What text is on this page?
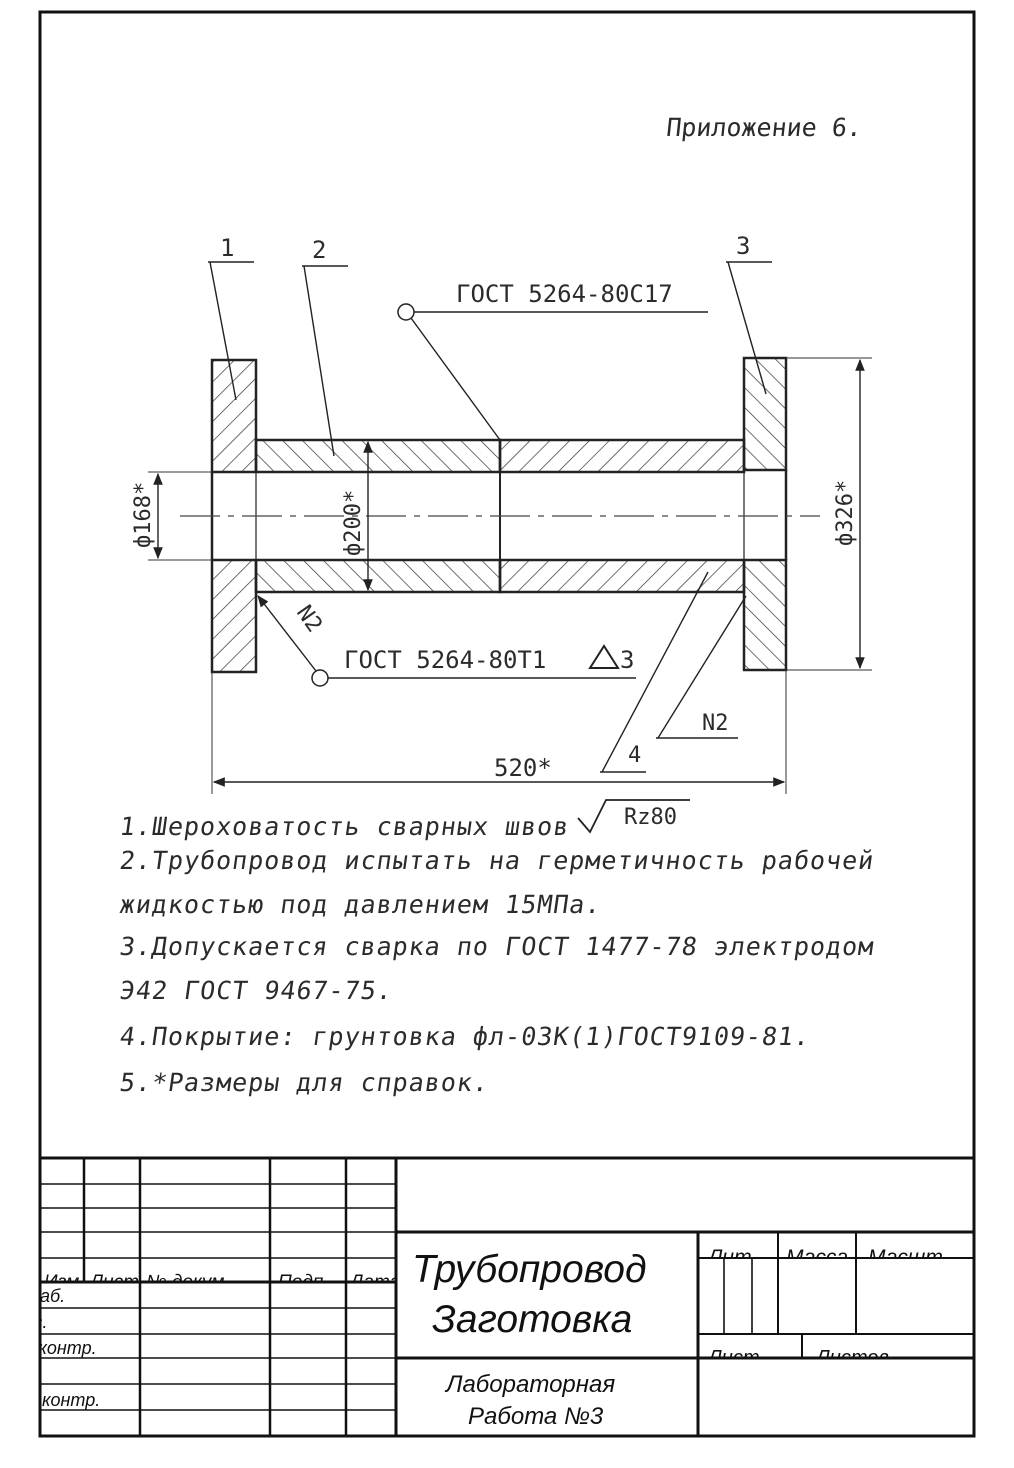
Приложение 6.
ф168*	ф200*	ф326*
520*
1	2	3
4
ГОСТ 5264-80С17
ГОСТ 5264-80Т1	3
N2
N2
Rz80
Изм Лист № докум.	Подп. Дата
Разраб.
Пров.
Т.контр.
Н.контр.
Утв.
Лит. Масса Масшт.
Лист	Листов
Трубопровод
Заготовка
Лабораторная
Работа №3
1.Шероховатость сварных швов
2.Трубопровод испытать на герметичность рабочей
жидкостью под давлением 15МПа.
3.Допускается сварка по ГОСТ 1477-78 электродом
Э42 ГОСТ 9467-75.
4.Покрытие: грунтовка фл-03К(1)ГОСТ9109-81.
5.*Размеры для справок.
